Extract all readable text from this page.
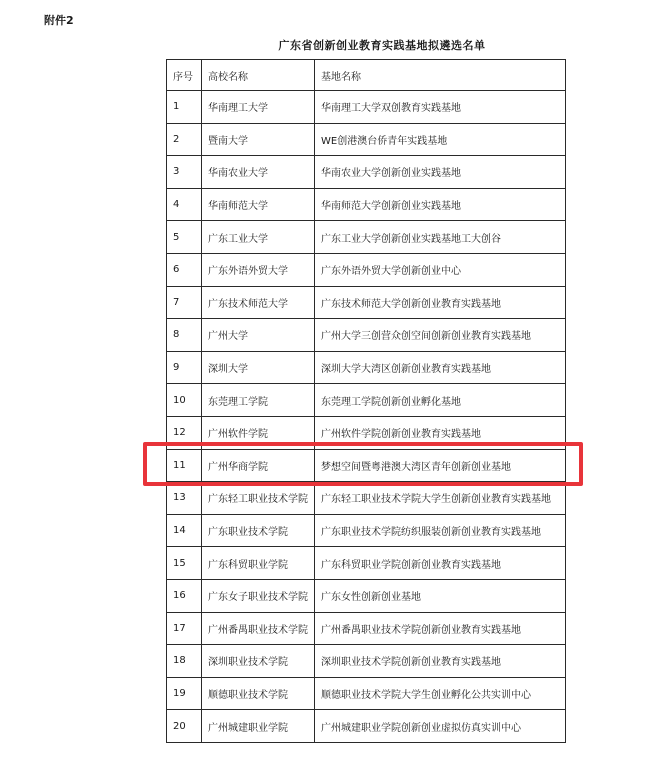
附件2
广东省创新创业教育实践基地拟遴选名单
序号	高校名称	基地名称
1	华南理工大学	华南理工大学双创教育实践基地
2	暨南大学	WE创港澳台侨青年实践基地
3	华南农业大学	华南农业大学创新创业实践基地
4	华南师范大学	华南师范大学创新创业实践基地
5	广东工业大学	广东工业大学创新创业实践基地工大创谷
6	广东外语外贸大学	广东外语外贸大学创新创业中心
7	广东技术师范大学	广东技术师范大学创新创业教育实践基地
8	广州大学	广州大学三创营众创空间创新创业教育实践基地
9	深圳大学	深圳大学大湾区创新创业教育实践基地
10	东莞理工学院	东莞理工学院创新创业孵化基地
12	广州软件学院	广州软件学院创新创业教育实践基地
11	广州华商学院	梦想空间暨粤港澳大湾区青年创新创业基地
13	广东轻工职业技术学院	广东轻工职业技术学院大学生创新创业教育实践基地
14	广东职业技术学院	广东职业技术学院纺织服装创新创业教育实践基地
15	广东科贸职业学院	广东科贸职业学院创新创业教育实践基地
16	广东女子职业技术学院	广东女性创新创业基地
17	广州番禺职业技术学院	广州番禺职业技术学院创新创业教育实践基地
18	深圳职业技术学院	深圳职业技术学院创新创业教育实践基地
19	顺德职业技术学院	顺德职业技术学院大学生创业孵化公共实训中心
20	广州城建职业学院	广州城建职业学院创新创业虚拟仿真实训中心
